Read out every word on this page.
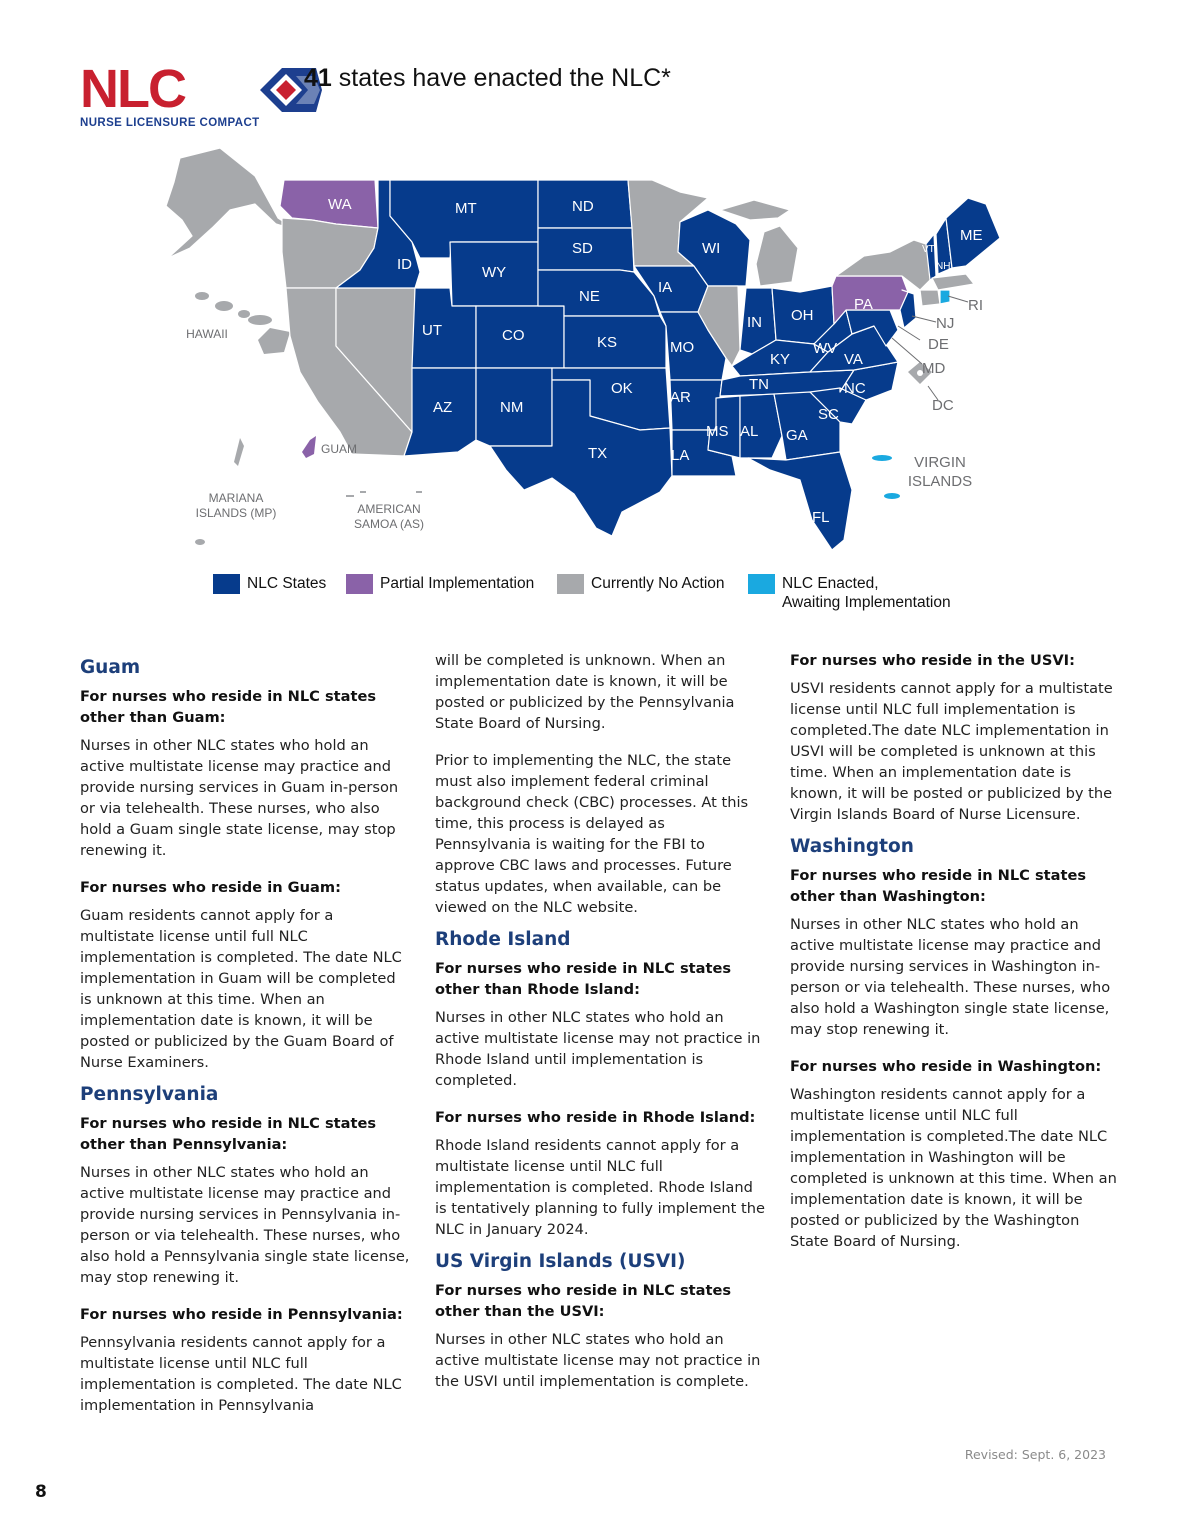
NLC
NURSE LICENSURE COMPACT
41 states have enacted the NLC*
WA	MT	ND
SD
ID	WY
NE
IA
WI
UT	CO	KS	MO
IN OH
PA
OK
AR
TN
KY
WV
VA
NC
SC
AZ	NM
TX
MS AL GA
LA
FL
ME
VT
NH
RI
NJ
DE
MD
DC
HAWAII
GUAM
MARIANA
ISLANDS (MP)	AMERICAN
SAMOA (AS)
VIRGIN
ISLANDS
NLC States	Partial Implementation	Currently No Action	NLC Enacted,
Awaiting Implementation
Guam
For nurses who reside in NLC states other than Guam:

Nurses in other NLC states who hold an active multistate license may practice and provide nursing services in Guam in-person or via telehealth. These nurses, who also hold a Guam single state license, may stop renewing it.

For nurses who reside in Guam:

Guam residents cannot apply for a multistate license until full NLC implementation is completed. The date NLC implementation in Guam will be completed is unknown at this time. When an implementation date is known, it will be posted or publicized by the Guam Board of Nurse Examiners.

Pennsylvania
For nurses who reside in NLC states other than Pennsylvania:

Nurses in other NLC states who hold an active multistate license may practice and provide nursing services in Pennsylvania in-person or via telehealth. These nurses, who also hold a Pennsylvania single state license, may stop renewing it.

For nurses who reside in Pennsylvania:

Pennsylvania residents cannot apply for a multistate license until NLC full implementation is completed. The date NLC implementation in Pennsylvania

will be completed is unknown. When an implementation date is known, it will be posted or publicized by the Pennsylvania State Board of Nursing.

Prior to implementing the NLC, the state must also implement federal criminal background check (CBC) processes. At this time, this process is delayed as Pennsylvania is waiting for the FBI to approve CBC laws and processes. Future status updates, when available, can be viewed on the NLC website.

Rhode Island
For nurses who reside in NLC states other than Rhode Island:

Nurses in other NLC states who hold an active multistate license may not practice in Rhode Island until implementation is completed.

For nurses who reside in Rhode Island:

Rhode Island residents cannot apply for a multistate license until NLC full implementation is completed. Rhode Island is tentatively planning to fully implement the NLC in January 2024.

US Virgin Islands (USVI)
For nurses who reside in NLC states other than the USVI:

Nurses in other NLC states who hold an active multistate license may not practice in the USVI until implementation is complete.

For nurses who reside in the USVI:

USVI residents cannot apply for a multistate license until NLC full implementation is completed.The date NLC implementation in USVI will be completed is unknown at this time. When an implementation date is known, it will be posted or publicized by the Virgin Islands Board of Nurse Licensure.

Washington
For nurses who reside in NLC states other than Washington:

Nurses in other NLC states who hold an active multistate license may practice and provide nursing services in Washington in-person or via telehealth. These nurses, who also hold a Washington single state license, may stop renewing it.

For nurses who reside in Washington:

Washington residents cannot apply for a multistate license until NLC full implementation is completed.The date NLC implementation in Washington will be completed is unknown at this time. When an implementation date is known, it will be posted or publicized by the Washington State Board of Nursing.

Revised: Sept. 6, 2023
8
